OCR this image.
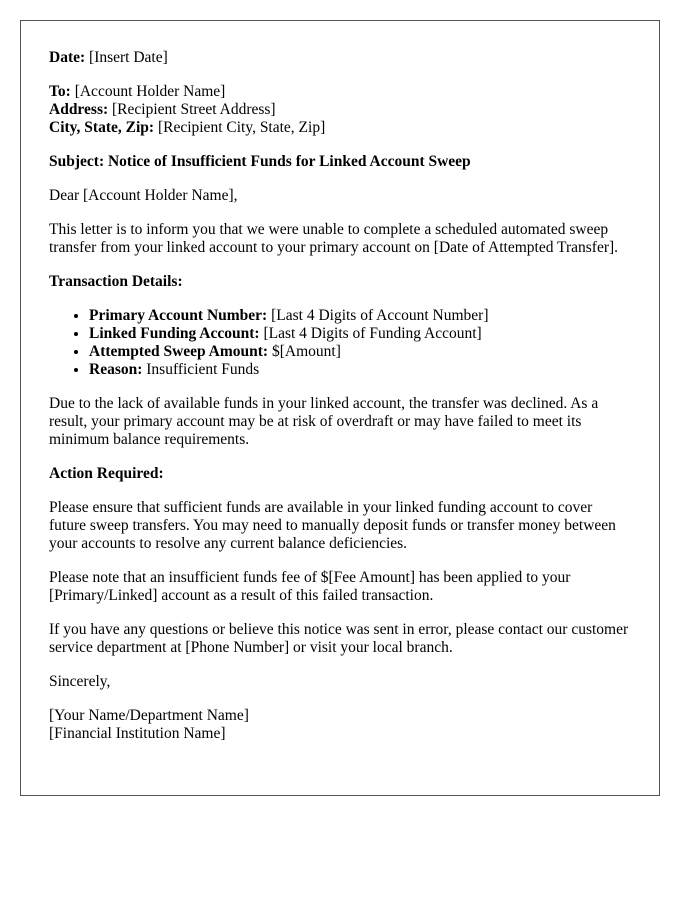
Date: [Insert Date]

To: [Account Holder Name]
Address: [Recipient Street Address]
City, State, Zip: [Recipient City, State, Zip]

Subject: Notice of Insufficient Funds for Linked Account Sweep

Dear [Account Holder Name],

This letter is to inform you that we were unable to complete a scheduled automated sweep transfer from your linked account to your primary account on [Date of Attempted Transfer].

Transaction Details:

• Primary Account Number: [Last 4 Digits of Account Number]
• Linked Funding Account: [Last 4 Digits of Funding Account]
• Attempted Sweep Amount: $[Amount]
• Reason: Insufficient Funds

Due to the lack of available funds in your linked account, the transfer was declined. As a result, your primary account may be at risk of overdraft or may have failed to meet its minimum balance requirements.

Action Required:

Please ensure that sufficient funds are available in your linked funding account to cover future sweep transfers. You may need to manually deposit funds or transfer money between your accounts to resolve any current balance deficiencies.

Please note that an insufficient funds fee of $[Fee Amount] has been applied to your [Primary/Linked] account as a result of this failed transaction.

If you have any questions or believe this notice was sent in error, please contact our customer service department at [Phone Number] or visit your local branch.

Sincerely,

[Your Name/Department Name]
[Financial Institution Name]
